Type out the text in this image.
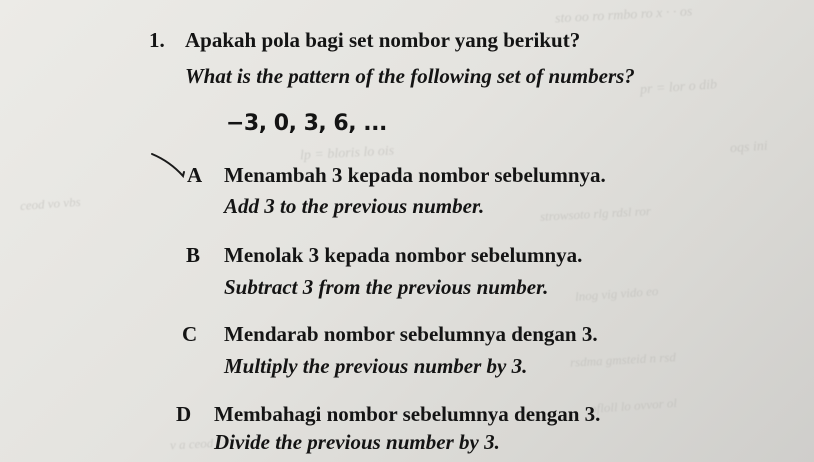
sto oo ro rmbo ro x · · os
pr = lor o dib
lp = bloris lo ois	oqs ini
ceod vo vbs	strowsoto rlg rdsl ror
lnog vig vido eo
rsdma gmsteid n rsd
ofloll lo ovvor ol
v a ceod · ·
1. Apakah pola bagi set nombor yang berikut?
What is the pattern of the following set of numbers?
−3, 0, 3, 6, ...
A Menambah 3 kepada nombor sebelumnya.
Add 3 to the previous number.
B Menolak 3 kepada nombor sebelumnya.
Subtract 3 from the previous number.
C Mendarab nombor sebelumnya dengan 3.
Multiply the previous number by 3.
D Membahagi nombor sebelumnya dengan 3.
Divide the previous number by 3.
